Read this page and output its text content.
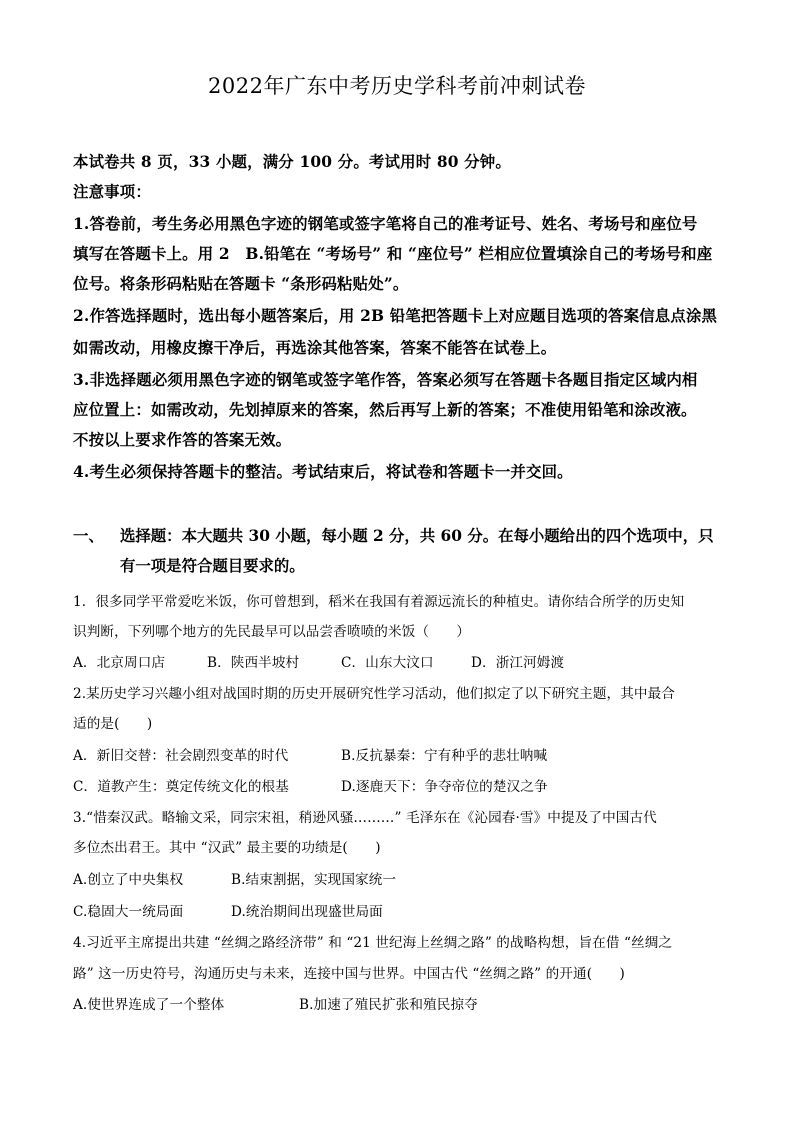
2022年广东中考历史学科考前冲刺试卷
本试卷共 8 页，33 小题，满分 100 分。考试用时 80 分钟。
注意事项：
1.答卷前，考生务必用黑色字迹的钢笔或签字笔将自己的准考证号、姓名、考场号和座位号
填写在答题卡上。用 2　B.铅笔在 “考场号” 和 “座位号” 栏相应位置填涂自己的考场号和座
位号。将条形码粘贴在答题卡 “条形码粘贴处”。
2.作答选择题时，选出每小题答案后，用 2B 铅笔把答题卡上对应题目选项的答案信息点涂黑
如需改动，用橡皮擦干净后，再选涂其他答案，答案不能答在试卷上。
3.非选择题必须用黑色字迹的钢笔或签字笔作答，答案必须写在答题卡各题目指定区域内相
应位置上：如需改动，先划掉原来的答案，然后再写上新的答案；不准使用铅笔和涂改液。
不按以上要求作答的答案无效。
4.考生必须保持答题卡的整洁。考试结束后，将试卷和答题卡一并交回。
一、 选择题：本大题共 30 小题，每小题 2 分，共 60 分。在每小题给出的四个选项中，只
有一项是符合题目要求的。
1．很多同学平常爱吃米饭，你可曾想到，稻米在我国有着源远流长的种植史。请你结合所学的历史知
识判断，下列哪个地方的先民最早可以品尝香喷喷的米饭（　　）
A．北京周口店	B．陕西半坡村	C．山东大汶口	D．浙江河姆渡
2.某历史学习兴趣小组对战国时期的历史开展研究性学习活动，他们拟定了以下研究主题，其中最合
适的是(　　)
A．新旧交替：社会剧烈变革的时代	B.反抗暴秦：宁有种乎的悲壮呐喊
C．道教产生：奠定传统文化的根基	D.逐鹿天下：争夺帝位的楚汉之争
3.“惜秦汉武。略输文采，同宗宋祖，稍逊风骚………” 毛泽东在《沁园春·雪》中提及了中国古代
多位杰出君王。其中 “汉武” 最主要的功绩是(　　)
A.创立了中央集权	B.结束割据，实现国家统一
C.稳固大一统局面	D.统治期间出现盛世局面
4.习近平主席提出共建 “丝绸之路经济带” 和 “21 世纪海上丝绸之路” 的战略构想，旨在借 “丝绸之
路” 这一历史符号，沟通历史与未来，连接中国与世界。中国古代 “丝绸之路” 的开通(　　)
A.使世界连成了一个整体	B.加速了殖民扩张和殖民掠夺
